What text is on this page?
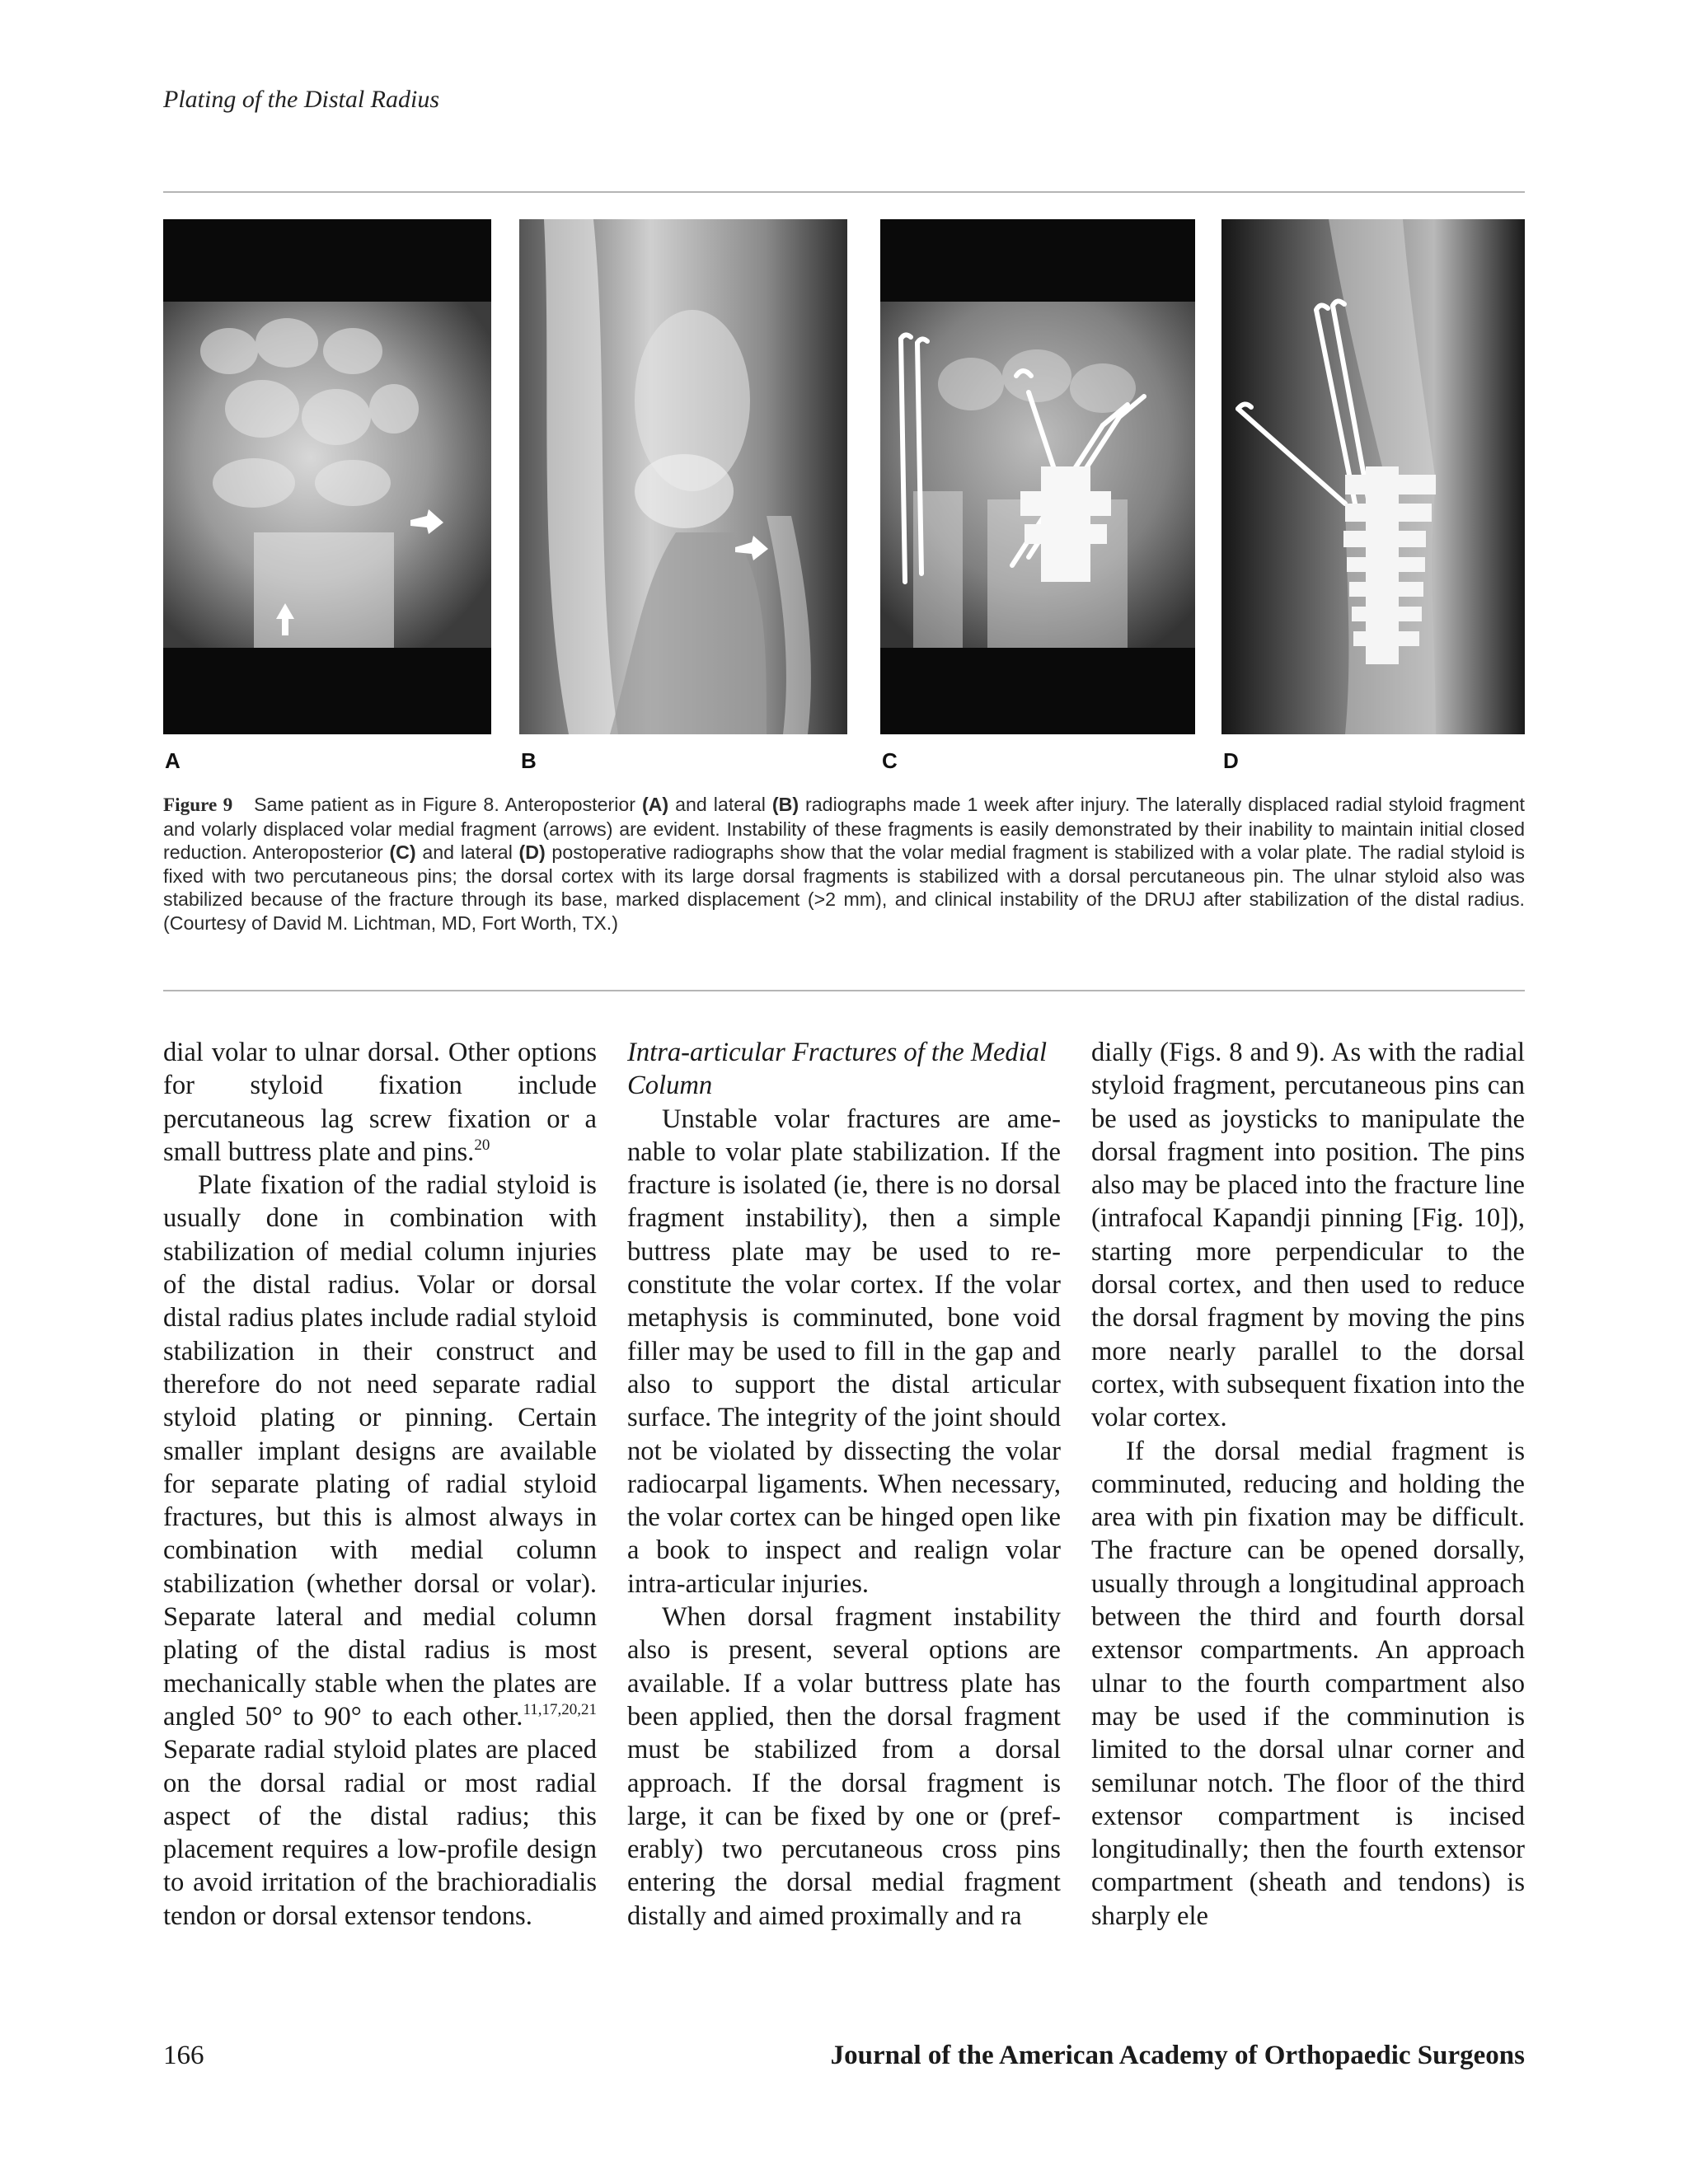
Plating of the Distal Radius
A	B	C	D
Figure 9 Same patient as in Figure 8. Anteroposterior (A) and lateral (B) radiographs made 1 week after injury. The laterally displaced radial styloid fragment and volarly displaced volar medial fragment (arrows) are evident. Instability of these fragments is easily demonstrated by their inability to maintain initial closed reduction. Anteroposterior (C) and lateral (D) postoperative radiographs show that the volar medial fragment is stabilized with a volar plate. The radial styloid is fixed with two percutaneous pins; the dorsal cortex with its large dorsal fragments is stabilized with a dorsal percutaneous pin. The ulnar styloid also was stabilized because of the fracture through its base, marked displacement (>2 mm), and clinical instability of the DRUJ after stabilization of the distal radius. (Courtesy of David M. Lichtman, MD, Fort Worth, TX.)

dial volar to ulnar dorsal. Other options for styloid fixation include percutaneous lag screw fixation or a small buttress plate and pins.$^{20}$

Plate fixation of the radial styloid is usually done in combination with stabilization of medial column injuries of the distal radius. Volar or dorsal distal radius plates include radial styloid stabilization in their construct and therefore do not need separate radial styloid plating or pinning. Certain smaller implant designs are available for separate plating of radial styloid fractures, but this is almost always in combination with medial column stabilization (whether dorsal or volar). Separate lateral and medial column plating of the distal radius is most mechanically stable when the plates are angled 50° to 90° to each other.$^{11,17,20,21}$ Separate radial styloid plates are placed on the dorsal radial or most radial aspect of the distal radius; this placement requires a low-profile design to avoid irritation of the brachioradialis tendon or dorsal extensor tendons.

Intra-articular Fractures of the Medial Column

Unstable volar fractures are amenable to volar plate stabilization. If the fracture is isolated (ie, there is no dorsal fragment instability), then a simple buttress plate may be used to reconstitute the volar cortex. If the volar metaphysis is comminuted, bone void filler may be used to fill in the gap and also to support the distal articular surface. The integrity of the joint should not be violated by dissecting the volar radiocarpal ligaments. When necessary, the volar cortex can be hinged open like a book to inspect and realign volar intra-articular injuries.

When dorsal fragment instability also is present, several options are available. If a volar buttress plate has been applied, then the dorsal fragment must be stabilized from a dorsal approach. If the dorsal fragment is large, it can be fixed by one or (preferably) two percutaneous cross pins entering the dorsal medial fragment distally and aimed proximally and ra

dially (Figs. 8 and 9). As with the radial styloid fragment, percutaneous pins can be used as joysticks to manipulate the dorsal fragment into position. The pins also may be placed into the fracture line (intrafocal Kapandji pinning [Fig. 10]), starting more perpendicular to the dorsal cortex, and then used to reduce the dorsal fragment by moving the pins more nearly parallel to the dorsal cortex, with subsequent fixation into the volar cortex.

If the dorsal medial fragment is comminuted, reducing and holding the area with pin fixation may be difficult. The fracture can be opened dorsally, usually through a longitudinal approach between the third and fourth dorsal extensor compartments. An approach ulnar to the fourth compartment also may be used if the comminution is limited to the dorsal ulnar corner and semilunar notch. The floor of the third extensor compartment is incised longitudinally; then the fourth extensor compartment (sheath and tendons) is sharply ele

166	Journal of the American Academy of Orthopaedic Surgeons
